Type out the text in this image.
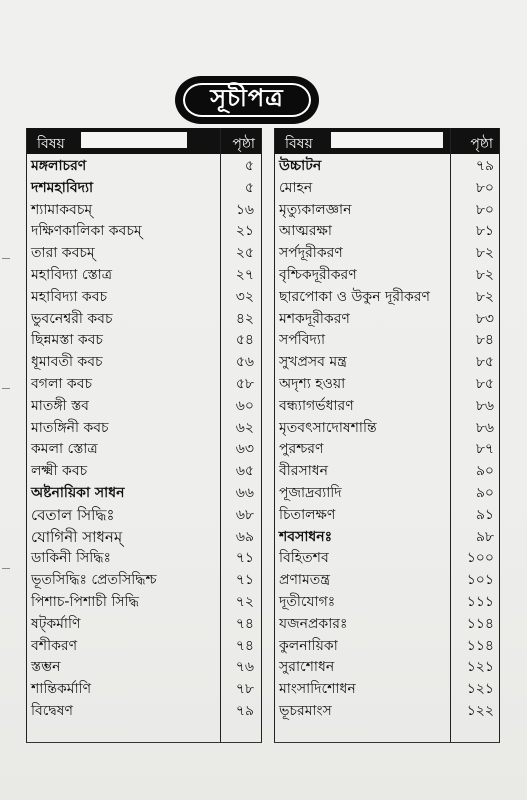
সূচীপত্র
বিষয়	পৃষ্ঠা
মঙ্গলাচরণ	৫
দশমহাবিদ্যা	৫
শ্যামাকবচম্	১৬
দক্ষিণকালিকা কবচম্	২১
তারা কবচম্	২৫
মহাবিদ্যা স্তোত্র	২৭
মহাবিদ্যা কবচ	৩২
ভুবনেশ্বরী কবচ	৪২
ছিন্নমস্তা কবচ	৫৪
ধূমাবতী কবচ	৫৬
বগলা কবচ	৫৮
মাতঙ্গী স্তব	৬০
মাতঙ্গিনী কবচ	৬২
কমলা স্তোত্র	৬৩
লক্ষ্মী কবচ	৬৫
অষ্টনায়িকা সাধন	৬৬
বেতাল সিদ্ধিঃ	৬৮
যোগিনী সাধনম্	৬৯
ডাকিনী সিদ্ধিঃ	৭১
ভূতসিদ্ধিঃ প্রেতসিদ্ধিশ্চ	৭১
পিশাচ-পিশাচী সিদ্ধি	৭২
ষট্‌কর্মাণি	৭৪
বশীকরণ	৭৪
স্তম্ভন	৭৬
শান্তিকর্মাণি	৭৮
বিদ্বেষণ	৭৯
বিষয়	পৃষ্ঠা
উচ্চাটন	৭৯
মোহন	৮০
মৃত্যুকালজ্ঞান	৮০
আত্মরক্ষা	৮১
সর্পদূরীকরণ	৮২
বৃশ্চিকদূরীকরণ	৮২
ছারপোকা ও উকুন দূরীকরণ	৮২
মশকদূরীকরণ	৮৩
সর্পবিদ্যা	৮৪
সুখপ্রসব মন্ত্র	৮৫
অদৃশ্য হওয়া	৮৫
বন্ধ্যাগর্ভধারণ	৮৬
মৃতবৎসাদোষশান্তি	৮৬
পুরশ্চরণ	৮৭
বীরসাধন	৯০
পূজাদ্রব্যাদি	৯০
চিতালক্ষণ	৯১
শবসাধনঃ	৯৮
বিহিতশব	১০০
প্রণামতন্ত্র	১০১
দূতীযোগঃ	১১১
যজনপ্রকারঃ	১১৪
কুলনায়িকা	১১৪
সুরাশোধন	১২১
মাংসাদিশোধন	১২১
ভূচরমাংস	১২২
